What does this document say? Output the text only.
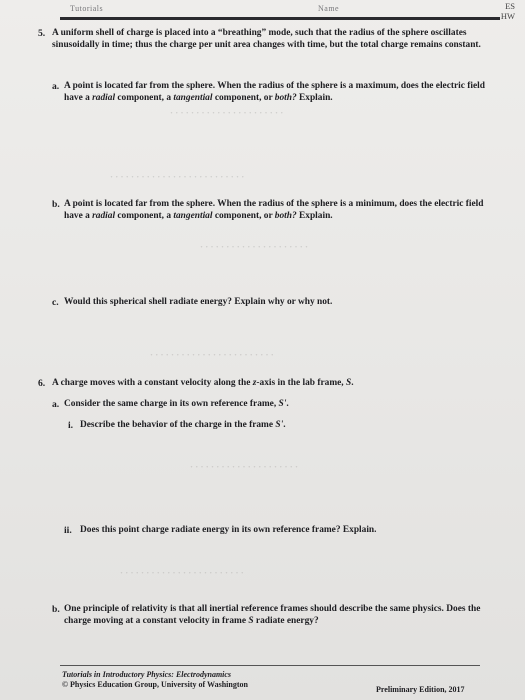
Tutorials	Name	ES
HW
5. A uniform shell of charge is placed into a “breathing” mode, such that the radius of the sphere oscillates sinusoidally in time; thus the charge per unit area changes with time, but the total charge remains constant.
a. A point is located far from the sphere. When the radius of the sphere is a maximum, does the electric field have a radial component, a tangential component, or both? Explain.
b. A point is located far from the sphere. When the radius of the sphere is a minimum, does the electric field have a radial component, a tangential component, or both? Explain.
c. Would this spherical shell radiate energy? Explain why or why not.
6. A charge moves with a constant velocity along the z-axis in the lab frame, S.
a. Consider the same charge in its own reference frame, S'.
i. Describe the behavior of the charge in the frame S'.
ii. Does this point charge radiate energy in its own reference frame? Explain.
b. One principle of relativity is that all inertial reference frames should describe the same physics. Does the charge moving at a constant velocity in frame S radiate energy?
· · · · · · · · · · · · · · · · · · · · · ·
· · · · · · · · · · · · · · · · · · · · · · · · · ·
· · · · · · · · · · · · · · · · · · · · ·
· · · · · · · · · · · · · · · · · · · · · · · ·
· · · · · · · · · · · · · · · · · · · · ·
· · · · · · · · · · · · · · · · · · · · · · · ·
Tutorials in Introductory Physics: Electrodynamics
© Physics Education Group, University of Washington
Preliminary Edition, 2017
